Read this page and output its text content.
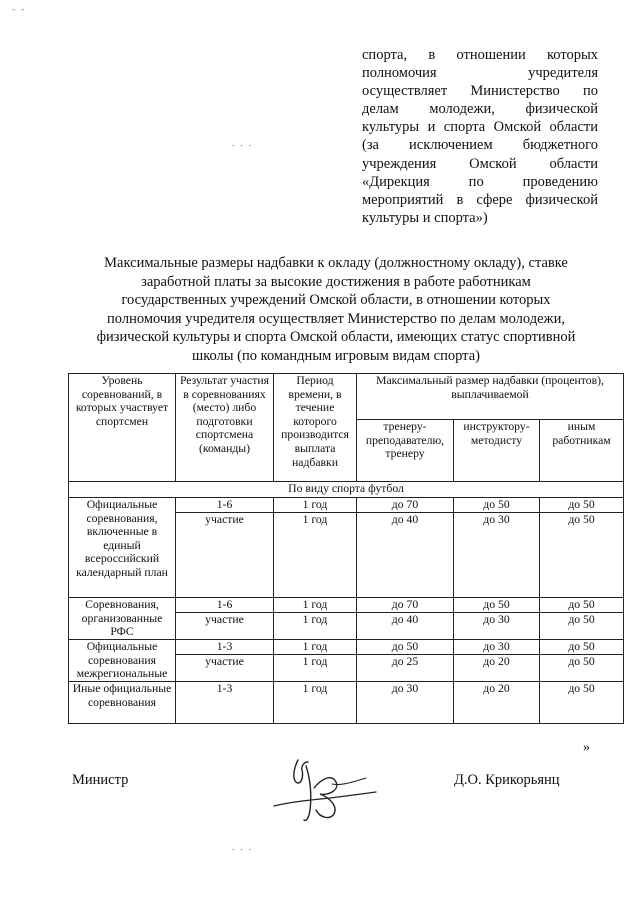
- -
. . .
. . .
спорта, в отношении которых
полномочия учредителя
осуществляет Министерство по
делам молодежи, физической
культуры и спорта Омской области
(за исключением бюджетного
учреждения Омской области
«Дирекция по проведению
мероприятий в сфере физической
культуры и спорта»)
Максимальные размеры надбавки к окладу (должностному окладу), ставке
заработной платы за высокие достижения в работе работникам
государственных учреждений Омской области, в отношении которых
полномочия учредителя осуществляет Министерство по делам молодежи,
физической культуры и спорта Омской области, имеющих статус спортивной
школы (по командным игровым видам спорта)
Уровень соревнований, в которых участвует спортсмен	Результат участия в соревнованиях (место) либо подготовки спортсмена (команды)	Период времени, в течение которого производится выплата надбавки	Максимальный размер надбавки (процентов), выплачиваемой		
			тренеру-преподавателю, тренеру	инструктору-методисту	иным работникам
По виду спорта футбол					
Официальные соревнования, включенные в единый всероссийский календарный план	1-6	1 год	до 70	до 50	до 50
	участие	1 год	до 40	до 30	до 50
Соревнования, организованные РФС	1-6	1 год	до 70	до 50	до 50
	участие	1 год	до 40	до 30	до 50
Официальные соревнования межрегиональные	1-3	1 год	до 50	до 30	до 50
	участие	1 год	до 25	до 20	до 50
Иные официальные соревнования	1-3	1 год	до 30	до 20	до 50
»
Министр	Д.О. Крикорьянц
